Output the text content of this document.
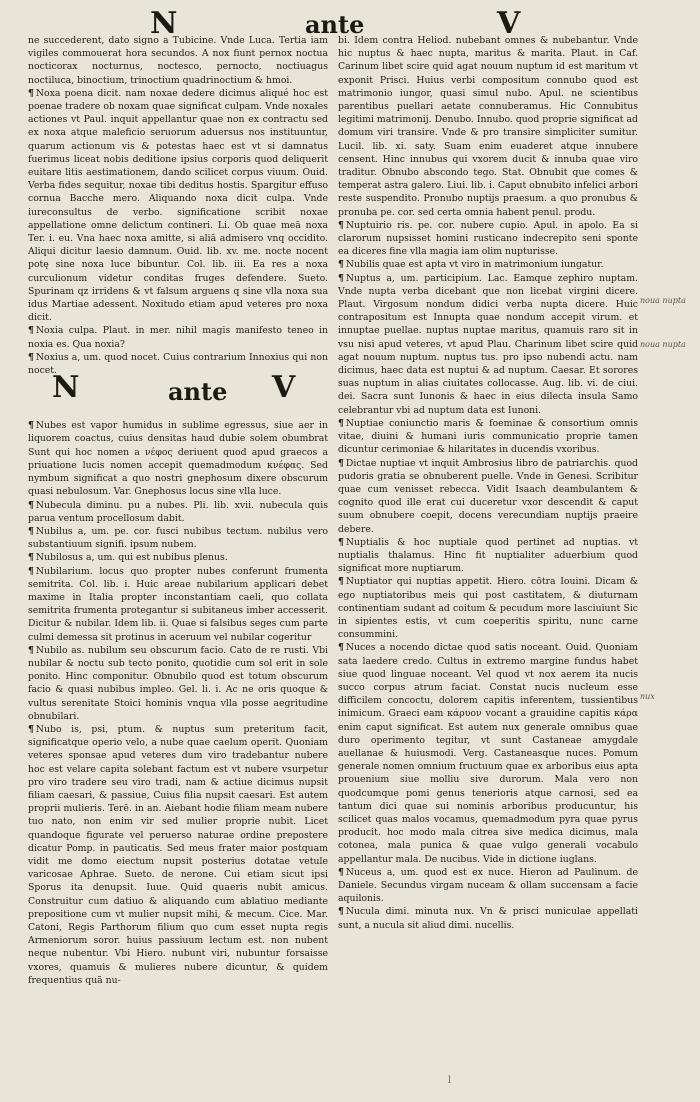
N	ante	V

ne succederent, dato signo a Tubicine. Vnde Luca. Tertia iam vigiles commouerat hora secundos. A nox fiunt pernox noctua nocticorax nocturnus, noctesco, pernocto, noctiuagus noctiluca, binoctium, trinoctium quadrinoctium & hmoi.

¶ Noxa poena dicit. nam noxae dedere dicimus aliqué hoc est poenae tradere ob noxam quae significat culpam. Vnde noxales actiones vt Paul. inquit appellantur quae non ex contractu sed ex noxa atque maleficio seruorum aduersus nos instituuntur, quarum actionum vis & potestas haec est vt si damnatus fuerimus liceat nobis deditione ipsius corporis quod deliquerit euitare litis aestimationem, dando scilicet corpus viuum. Ouid. Verba fides sequitur, noxae tibi deditus hostis. Spargitur effuso cornua Bacche mero. Aliquando noxa dicit culpa. Vnde iureconsultus de verbo. significatione scribit noxae appellatione omne delictum contineri. Li. Ob quae meā noxa Ter. i. eu. Vna haec noxa amitte, si aliā admisero vnq occidito. Aliqui dicitur laesio damnum. Ouid. lib. xv. me. nocte nocent potę sine noxa luce bibuntur. Col. lib. iii. Ea res a noxa curculionum videtur conditas fruges defendere. Sueto. Spurinam qz irridens & vt falsum arguens q sine vlla noxa sua idus Martiae adessent. Noxitudo etiam apud veteres pro noxa dicit.

¶ Noxia culpa. Plaut. in mer. nihil magis manifesto teneo in noxia es. Qua noxia?

¶ Noxius a, um. quod nocet. Cuius contrarium Innoxius qui non nocet.

N	ante V

¶ Nubes est vapor humidus in sublime egressus, siue aer in liquorem coactus, cuius densitas haud dubie solem obumbrat Sunt qui hoc nomen a νέφος deriuent quod apud graecos a priuatione lucis nomen accepit quemadmodum κνέφας. Sed nymbum significat a quo nostri gnephosum dixere obscurum quasi nebulosum. Var. Gnephosus locus sine vlla luce.

¶ Nubecula diminu. pu a nubes. Pli. lib. xvii. nubecula quis parua ventum procellosum dabit.

¶ Nubilus a, um. pe. cor. fusci nubibus tectum. nubilus vero substantiuum signifi. ipsum nubem.

¶ Nubilosus a, um. qui est nubibus plenus.

¶ Nubilarium. locus quo propter nubes conferunt frumenta semitrita. Col. lib. i. Huic areae nubilarium applicari debet maxime in Italia propter inconstantiam caeli, quo collata semitrita frumenta protegantur si subitaneus imber accesserit. Dicitur & nubilar. Idem lib. ii. Quae si falsibus seges cum parte culmi demessa sit protinus in aceruum vel nubilar cogeritur

¶ Nubilo as. nubilum seu obscurum facio. Cato de re rusti. Vbi nubilar & noctu sub tecto ponito, quotidie cum sol erit in sole ponito. Hinc componitur. Obnubilo quod est totum obscurum facio & quasi nubibus impleo. Gel. li. i. Ac ne oris quoque & vultus serenitate Stoici hominis vnqua vlla posse aegritudine obnubilari.

¶ Nubo is, psi, ptum. & nuptus sum preteritum facit, significatque operio velo, a nube quae caelum operit. Quoniam veteres sponsae apud veteres dum viro tradebantur nubere hoc est velare capita solebant factum est vt nubere vsurpetur pro viro tradere seu viro tradi, nam & actiue dicimus nupsit filiam caesari, & passiue, Cuius filia nupsit caesari. Est autem proprii mulieris. Terē. in an. Aiebant hodie filiam meam nubere tuo nato, non enim vir sed mulier proprie nubit. Licet quandoque figurate vel peruerso naturae ordine prepostere dicatur Pomp. in pauticatis. Sed meus frater maior postquam vidit me domo eiectum nupsit posterius dotatae vetule varicosae Aphrae. Sueto. de nerone. Cui etiam sicut ipsi Sporus ita denupsit. Iuue. Quid quaeris nubit amicus. Construitur cum datiuo & aliquando cum ablatiuo mediante prepositione cum vt mulier nupsit mihi, & mecum. Cice. Mar. Catoni, Regis Parthorum filium quo cum esset nupta regis Armeniorum soror. huius passiuum lectum est. non nubent neque nubentur. Vbi Hiero. nubunt viri, nubuntur forsaisse vxores, quamuis & mulieres nubere dicuntur, & quidem frequentius quā nu-

bi. Idem contra Heliod. nubebant omnes & nubebantur. Vnde hic nuptus & haec nupta, maritus & marita. Plaut. in Caf. Carinum libet scire quid agat nouum nuptum id est maritum vt exponit Prisci. Huius verbi compositum connubo quod est matrimonio iungor, quasi simul nubo. Apul. ne scientibus parentibus puellari aetate connuberamus. Hic Connubitus legitimi matrimonij. Denubo. Innubo. quod proprie significat ad domum viri transire. Vnde & pro transire simpliciter sumitur. Lucil. lib. xi. saty. Suam enim euaderet atque innubere censent. Hinc innubus qui vxorem ducit & innuba quae viro traditur. Obnubo abscondo tego. Stat. Obnubit que comes & temperat astra galero. Liui. lib. i. Caput obnubito infelici arbori reste suspendito. Pronubo nuptijs praesum. a quo pronubus & pronuba pe. cor. sed certa omnia habent penul. produ.

¶ Nuptuirio ris. pe. cor. nubere cupio. Apul. in apolo. Ea si clarorum nupsisset homini rusticano indecrepito seni sponte ea diceres fine vlla magia iam olim nupturisse.

¶ Nubilis quae est apta vt viro in matrimonium iungatur.

¶ Nuptus a, um. participium. Lac. Eamque zephiro nuptam. Vnde nupta verba dicebant que non licebat virgini dicere. Plaut. Virgosum nondum didici verba nupta dicere. Huic contrapositum est Innupta quae nondum accepit virum. et innuptae puellae. nuptus nuptae maritus, quamuis raro sit in vsu nisi apud veteres, vt apud Plau. Charinum libet scire quid agat nouum nuptum. nuptus tus. pro ipso nubendi actu. nam dicimus, haec data est nuptui & ad nuptum. Caesar. Et sorores suas nuptum in alias ciuitates collocasse. Aug. lib. vi. de ciui. dei. Sacra sunt Iunonis & haec in eius dilecta insula Samo celebrantur vbi ad nuptum data est Iunoni.

¶ Nuptiae coniunctio maris & foeminae & consortium omnis vitae, diuini & humani iuris communicatio proprie tamen dicuntur cerimoniae & hilaritates in ducendis vxoribus.

¶ Dictae nuptiae vt inquit Ambrosius libro de patriarchis. quod pudoris gratia se obnuberent puelle. Vnde in Genesi. Scribitur quae cum venisset rebecca. Vidit Isaach deambulantem & cognito quod ille erat cui duceretur vxor descendit & caput suum obnubere coepit, docens verecundiam nuptijs praeire debere.

¶ Nuptialis & hoc nuptiale quod pertinet ad nuptias. vt nuptialis thalamus. Hinc fit nuptialiter aduerbium quod significat more nuptiarum.

¶ Nuptiator qui nuptias appetit. Hiero. cōtra Iouini. Dicam & ego nuptiatoribus meis qui post castitatem, & diuturnam continentiam sudant ad coitum & pecudum more lasciuiunt Sic in sipientes estis, vt cum coeperitis spiritu, nunc carne consummini.

¶ Nuces a nocendo dictae quod satis noceant. Ouid. Quoniam sata laedere credo. Cultus in extremo margine fundus habet siue quod linguae noceant. Vel quod vt nox aerem ita nucis succo corpus atrum faciat. Constat nucis nucleum esse difficilem concoctu, dolorem capitis inferentem, tussientibus inimicum. Graeci eam κάρυον vocant a grauidine capitis κάρα enim caput significat. Est autem nux generale omnibus quae duro operimento tegitur, vt sunt Castaneae amygdale auellanae & huiusmodi. Verg. Castaneasque nuces. Pomum generale nomen omnium fructuum quae ex arboribus eius apta prouenium siue molliu sive durorum. Mala vero non quodcumque pomi genus tenerioris atque carnosi, sed ea tantum dici quae sui nominis arboribus producuntur, his scilicet quas malos vocamus, quemadmodum pyra quae pyrus producit. hoc modo mala citrea sive medica dicimus, mala cotonea, mala punica & quae vulgo generali vocabulo appellantur mala. De nucibus. Vide in dictione iuglans.

¶ Nuceus a, um. quod est ex nuce. Hieron ad Paulinum. de Daniele. Secundus virgam nuceam & ollam succensam a facie aquilonis.

¶ Nucula dimi. minuta nux. Vn & prisci nuniculae appellati sunt, a nucula sit aliud dimi. nucellis.

noua nupta
noua nupta
nux
l
